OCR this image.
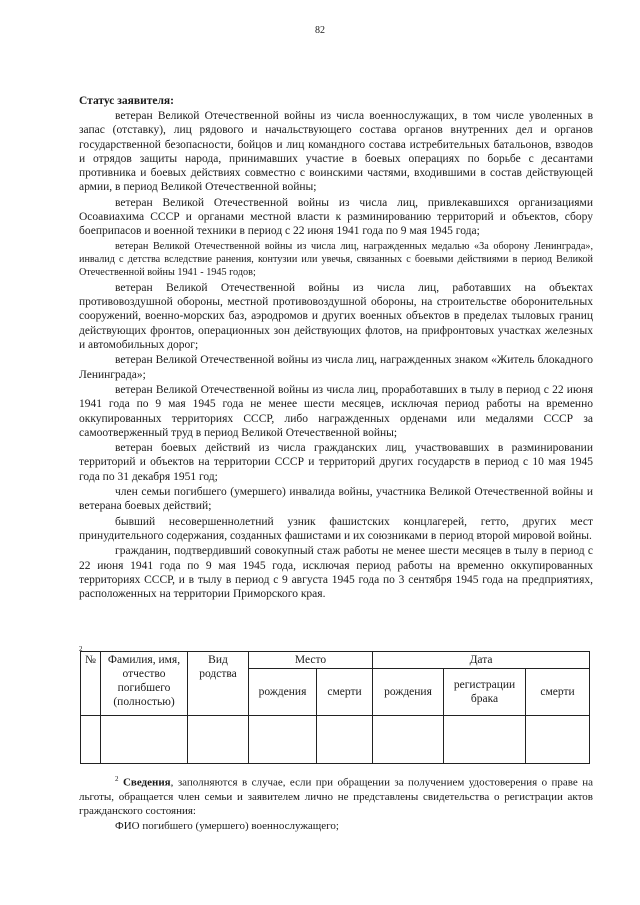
82
Статус заявителя:

ветеран Великой Отечественной войны из числа военнослужащих, в том числе уволенных в запас (отставку), лиц рядового и начальствующего состава органов внутренних дел и органов государственной безопасности, бойцов и лиц командного состава истребительных батальонов, взводов и отрядов защиты народа, принимавших участие в боевых операциях по борьбе с десантами противника и боевых действиях совместно с воинскими частями, входившими в состав действующей армии, в период Великой Отечественной войны;

ветеран Великой Отечественной войны из числа лиц, привлекавшихся организациями Осоавиахима СССР и органами местной власти к разминированию территорий и объектов, сбору боеприпасов и военной техники в период с 22 июня 1941 года по 9 мая 1945 года;

ветеран Великой Отечественной войны из числа лиц, награжденных медалью «За оборону Ленинграда», инвалид с детства вследствие ранения, контузии или увечья, связанных с боевыми действиями в период Великой Отечественной войны 1941 - 1945 годов;

ветеран Великой Отечественной войны из числа лиц, работавших на объектах противовоздушной обороны, местной противовоздушной обороны, на строительстве оборонительных сооружений, военно-морских баз, аэродромов и других военных объектов в пределах тыловых границ действующих фронтов, операционных зон действующих флотов, на прифронтовых участках железных и автомобильных дорог;

ветеран Великой Отечественной войны из числа лиц, награжденных знаком «Житель блокадного Ленинграда»;

ветеран Великой Отечественной войны из числа лиц, проработавших в тылу в период с 22 июня 1941 года по 9 мая 1945 года не менее шести месяцев, исключая период работы на временно оккупированных территориях СССР, либо награжденных орденами или медалями СССР за самоотверженный труд в период Великой Отечественной войны;

ветеран боевых действий из числа гражданских лиц, участвовавших в разминировании территорий и объектов на территории СССР и территорий других государств в период с 10 мая 1945 года по 31 декабря 1951 год;

член семьи погибшего (умершего) инвалида войны, участника Великой Отечественной войны и ветерана боевых действий;

бывший несовершеннолетний узник фашистских концлагерей, гетто, других мест принудительного содержания, созданных фашистами и их союзниками в период второй мировой войны.

гражданин, подтвердивший совокупный стаж работы не менее шести месяцев в тылу в период с 22 июня 1941 года по 9 мая 1945 года, исключая период работы на временно оккупированных территориях СССР, и в тылу в период с 9 августа 1945 года по 3 сентября 1945 года на предприятиях, расположенных на территории Приморского края.

2
№	Фамилия, имя, отчество погибшего (полностью)	Вид родства	Место		Дата		
			рождения	смерти	рождения	регистрации брака	смерти

$^2$ Сведения, заполняются в случае, если при обращении за получением удостоверения о праве на льготы, обращается член семьи и заявителем лично не представлены свидетельства о регистрации актов гражданского состояния:

ФИО погибшего (умершего) военнослужащего;
